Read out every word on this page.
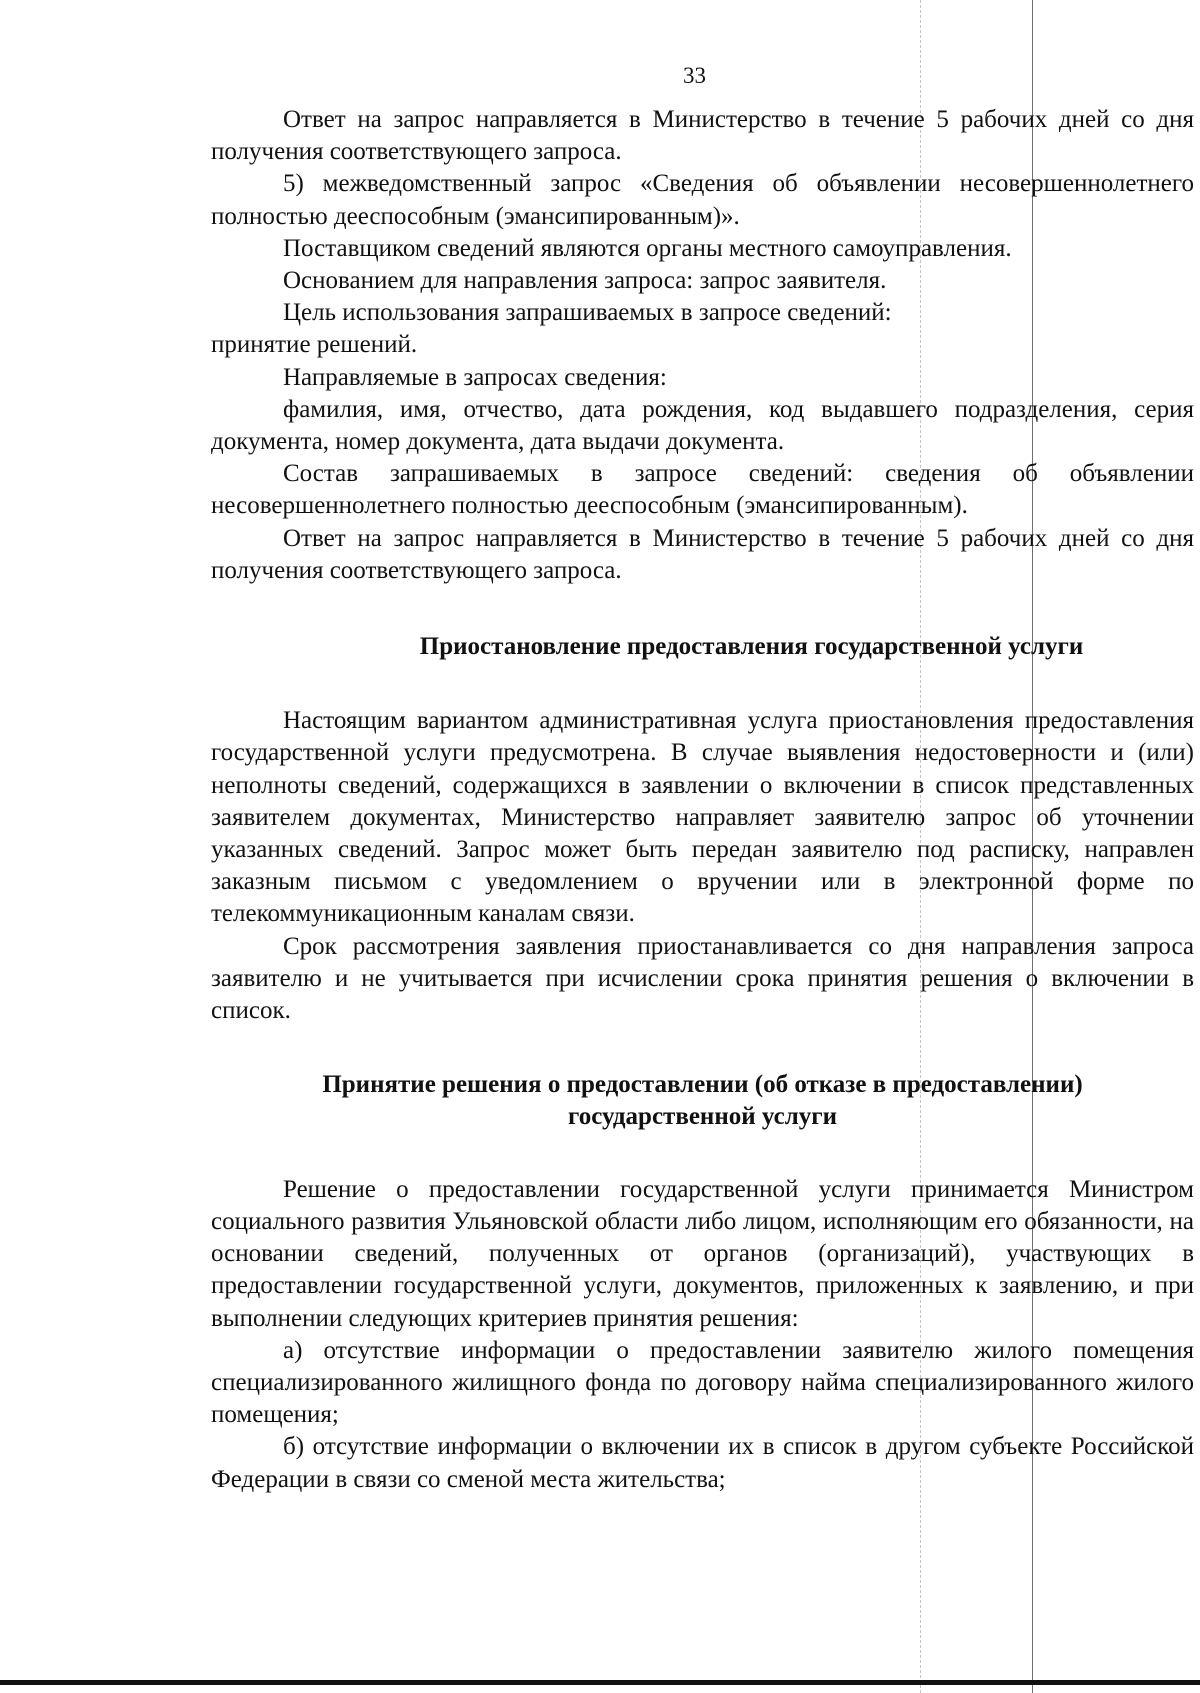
33

Ответ на запрос направляется в Министерство в течение 5 рабочих дней со дня получения соответствующего запроса.

5) межведомственный запрос «Сведения об объявлении несовершеннолетнего полностью дееспособным (эмансипированным)».

Поставщиком сведений являются органы местного самоуправления.

Основанием для направления запроса: запрос заявителя.

Цель использования запрашиваемых в запросе сведений:

принятие решений.

Направляемые в запросах сведения:

фамилия, имя, отчество, дата рождения, код выдавшего подразделения, серия документа, номер документа, дата выдачи документа.

Состав запрашиваемых в запросе сведений: сведения об объявлении несовершеннолетнего полностью дееспособным (эмансипированным).

Ответ на запрос направляется в Министерство в течение 5 рабочих дней со дня получения соответствующего запроса.

Приостановление предоставления государственной услуги

Настоящим вариантом административная услуга приостановления предоставления государственной услуги предусмотрена. В случае выявления недостоверности и (или) неполноты сведений, содержащихся в заявлении о включении в список представленных заявителем документах, Министерство направляет заявителю запрос об уточнении указанных сведений. Запрос может быть передан заявителю под расписку, направлен заказным письмом с уведомлением о вручении или в электронной форме по телекоммуникационным каналам связи.

Срок рассмотрения заявления приостанавливается со дня направления запроса заявителю и не учитывается при исчислении срока принятия решения о включении в список.

Принятие решения о предоставлении (об отказе в предоставлении)
государственной услуги

Решение о предоставлении государственной услуги принимается Министром социального развития Ульяновской области либо лицом, исполняющим его обязанности, на основании сведений, полученных от органов (организаций), участвующих в предоставлении государственной услуги, документов, приложенных к заявлению, и при выполнении следующих критериев принятия решения:

а) отсутствие информации о предоставлении заявителю жилого помещения специализированного жилищного фонда по договору найма специализированного жилого помещения;

б) отсутствие информации о включении их в список в другом субъекте Российской Федерации в связи со сменой места жительства;
